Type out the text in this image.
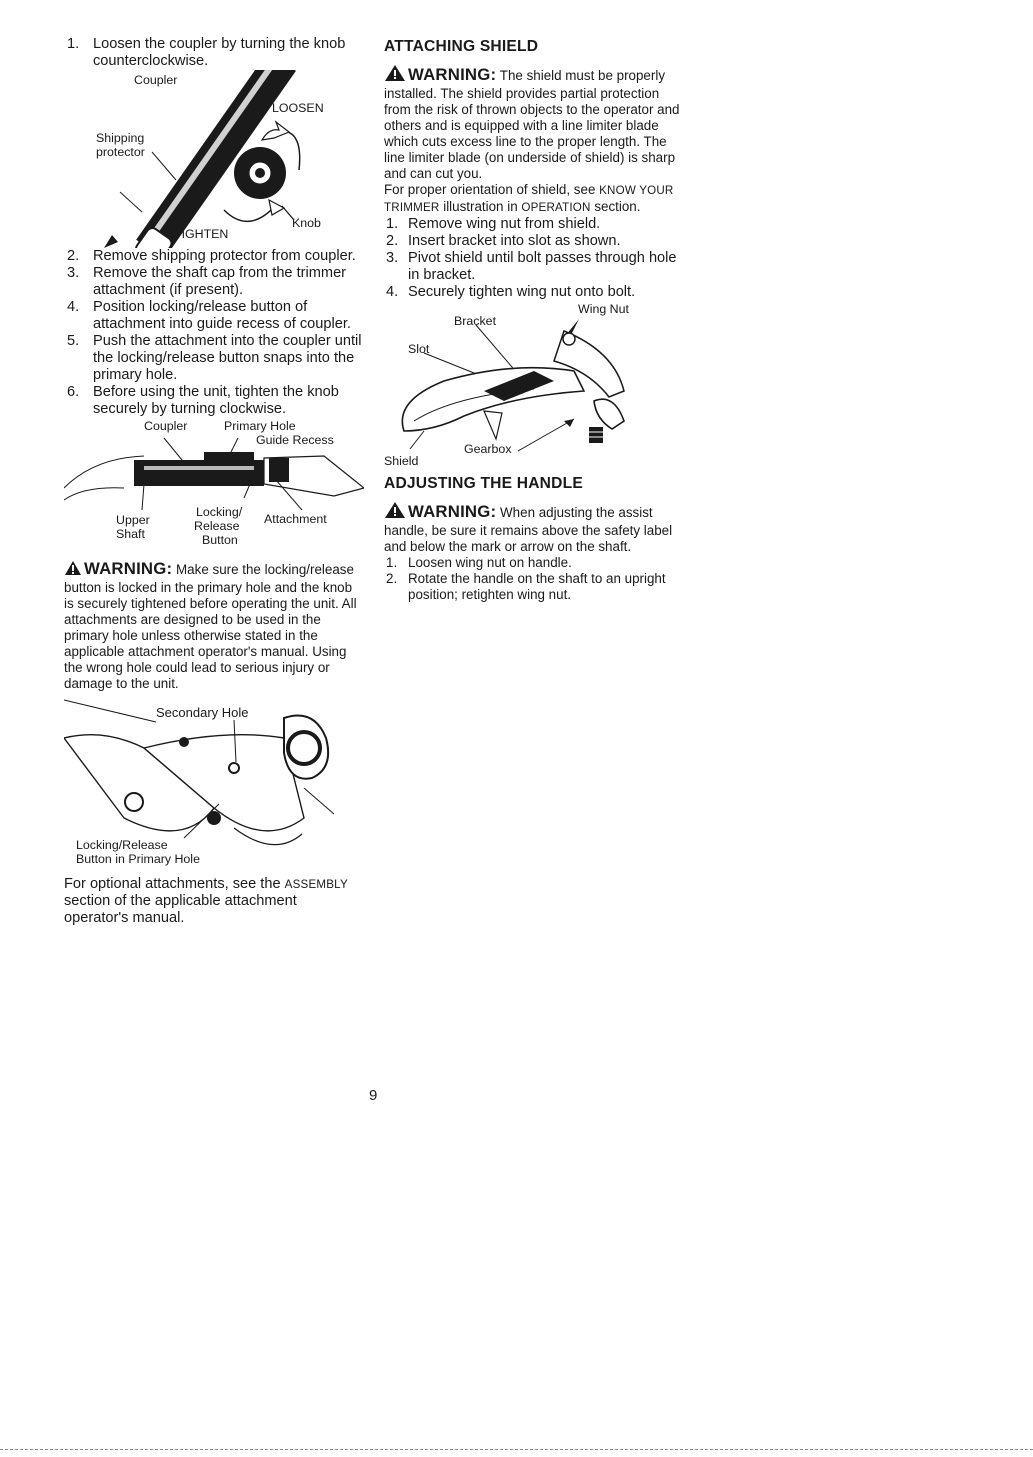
1. Loosen the coupler by turning the knob counterclockwise.
Coupler
LOOSEN
Shipping
protector
TIGHTEN
Knob
2. Remove shipping protector from coupler.
3. Remove the shaft cap from the trimmer attachment (if present).
4. Position locking/release button of attachment into guide recess of coupler.
5. Push the attachment into the coupler until the locking/release button snaps into the primary hole.
6. Before using the unit, tighten the knob securely by turning clockwise.
Coupler	Primary Hole
Guide Recess
Upper
Shaft
Locking/
Release
Button
Attachment
WARNING: Make sure the locking/release button is locked in the primary hole and the knob is securely tightened before operating the unit. All attachments are designed to be used in the primary hole unless otherwise stated in the applicable attachment operator's manual. Using the wrong hole could lead to serious injury or damage to the unit.
Secondary Hole
Locking/Release
Button in Primary Hole
For optional attachments, see the ASSEMBLY section of the applicable attachment operator's manual.
ATTACHING SHIELD
WARNING: The shield must be properly installed. The shield provides partial protection from the risk of thrown objects to the operator and others and is equipped with a line limiter blade which cuts excess line to the proper length. The line limiter blade (on underside of shield) is sharp and can cut you.
For proper orientation of shield, see KNOW YOUR TRIMMER illustration in OPERATION section.
1. Remove wing nut from shield.
2. Insert bracket into slot as shown.
3. Pivot shield until bolt passes through hole in bracket.
4. Securely tighten wing nut onto bolt.
Wing Nut
Bracket
Slot
Gearbox
Shield
ADJUSTING THE HANDLE
WARNING: When adjusting the assist handle, be sure it remains above the safety label and below the mark or arrow on the shaft.
1. Loosen wing nut on handle.
2. Rotate the handle on the shaft to an upright position; retighten wing nut.
9
